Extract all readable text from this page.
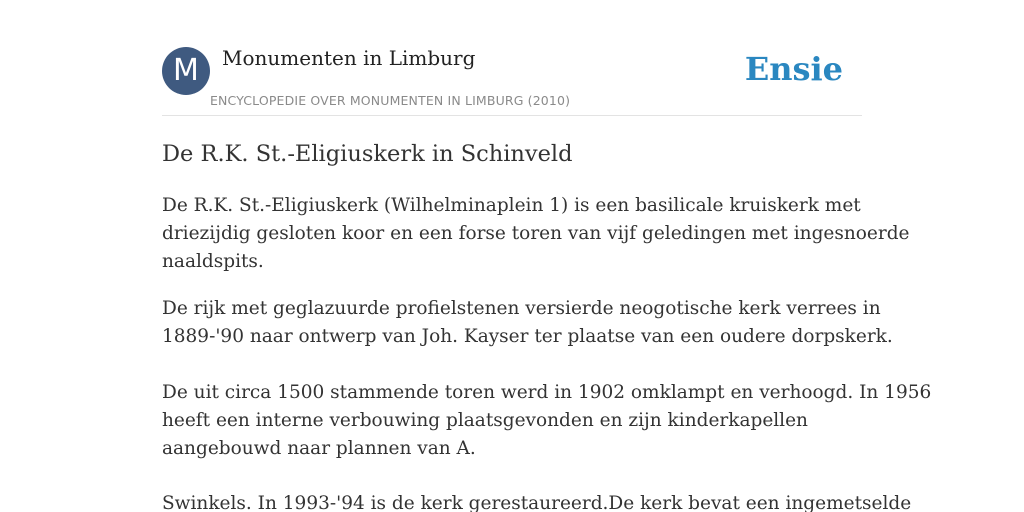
M	Monumenten in Limburg
ENCYCLOPEDIE OVER MONUMENTEN IN LIMBURG (2010)
Ensie
De R.K. St.-Eligiuskerk in Schinveld

De R.K. St.-Eligiuskerk (Wilhelminaplein 1) is een basilicale kruiskerk met
driezijdig gesloten koor en een forse toren van vijf geledingen met ingesnoerde
naaldspits.

De rijk met geglazuurde profielstenen versierde neogotische kerk verrees in
1889-'90 naar ontwerp van Joh. Kayser ter plaatse van een oudere dorpskerk.

De uit circa 1500 stammende toren werd in 1902 omklampt en verhoogd. In 1956
heeft een interne verbouwing plaatsgevonden en zijn kinderkapellen
aangebouwd naar plannen van A.

Swinkels. In 1993-'94 is de kerk gerestaureerd.De kerk bevat een ingemetselde
